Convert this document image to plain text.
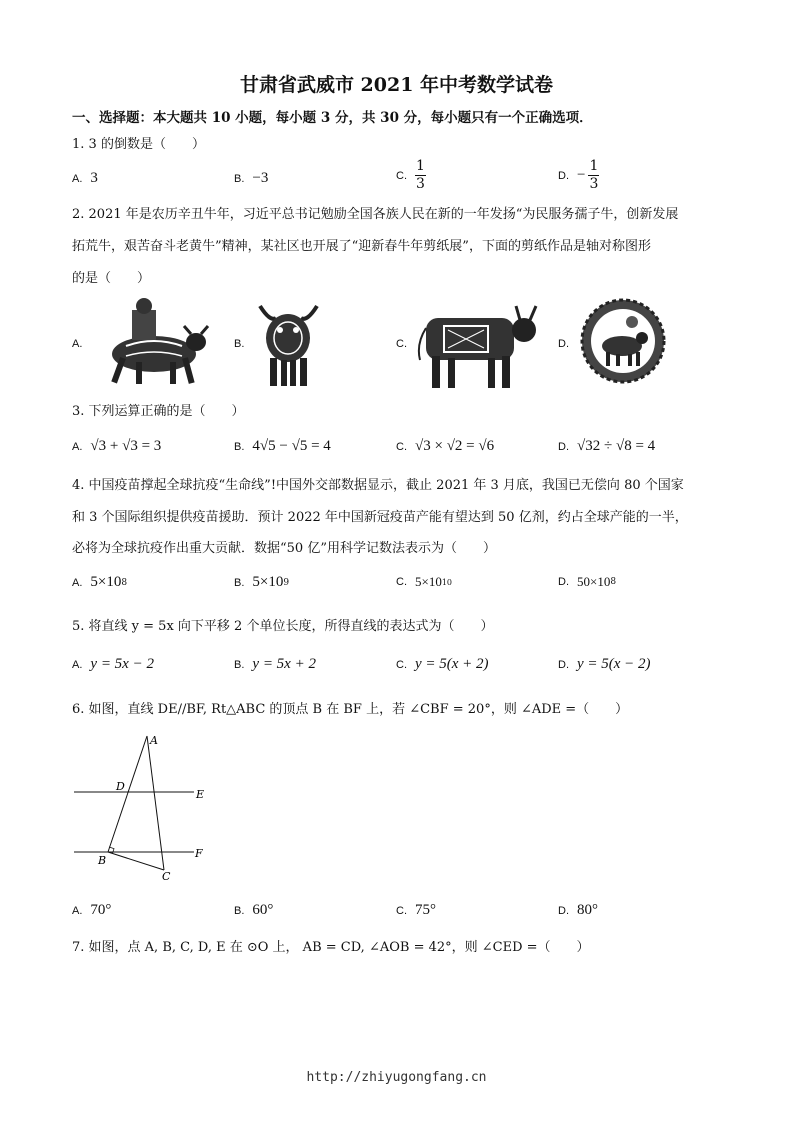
甘肃省武威市 2021 年中考数学试卷
一、选择题：本大题共 10 小题，每小题 3 分，共 30 分，每小题只有一个正确选项．
1. 3 的倒数是（　　）
A. 3	B. −3	C. $\frac{1}{3}$	D. − $\frac{1}{3}$
2. 2021 年是农历辛丑牛年，习近平总书记勉励全国各族人民在新的一年发扬“为民服务孺子牛，创新发展
拓荒牛，艰苦奋斗老黄牛”精神，某社区也开展了“迎新春牛年剪纸展”，下面的剪纸作品是轴对称图形
的是（　　）
A.	B.	C.	D.
3. 下列运算正确的是（　　）
A. √3 + √3 = 3	B. 4√5 − √5 = 4	C. √3 × √2 = √6	D. √32 ÷ √8 = 4
4. 中国疫苗撑起全球抗疫“生命线”!中国外交部数据显示，截止 2021 年 3 月底，我国已无偿向 80 个国家
和 3 个国际组织提供疫苗援助．预计 2022 年中国新冠疫苗产能有望达到 50 亿剂，约占全球产能的一半，
必将为全球抗疫作出重大贡献．数据“50 亿”用科学记数法表示为（　　）
A. 5×10 8	B. 5×10 9	C. 5×10 10	D. 50×10 8
5. 将直线 y = 5x 向下平移 2 个单位长度，所得直线的表达式为（　　）
A. y = 5x − 2	B. y = 5x + 2	C. y = 5(x + 2)	D. y = 5(x − 2)
6. 如图，直线 DE//BF, Rt△ABC 的顶点 B 在 BF 上，若 ∠CBF = 20°，则 ∠ADE =（　　）
A
D
E
B
F
C
A. 70°	B. 60°	C. 75°	D. 80°
7. 如图，点 A, B, C, D, E 在 ⊙O 上， AB = CD, ∠AOB = 42°，则 ∠CED =（　　）
http://zhiyugongfang.cn
